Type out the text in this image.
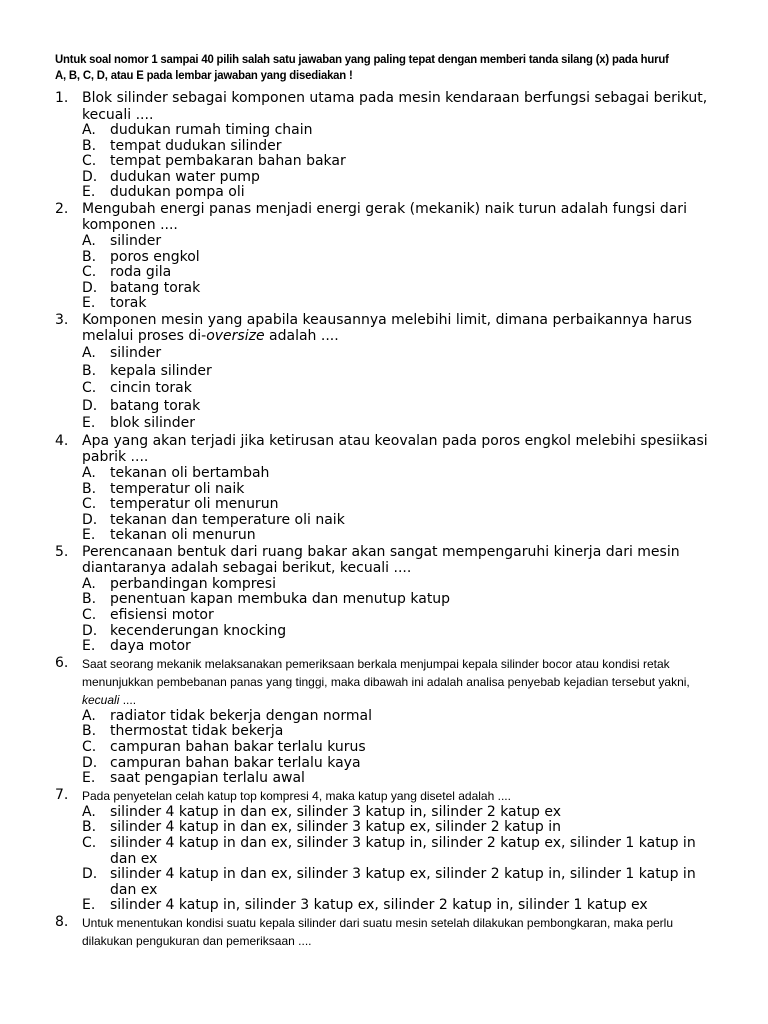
Untuk soal nomor 1 sampai 40 pilih salah satu jawaban yang paling tepat dengan memberi tanda silang (x) pada huruf
A, B, C, D, atau E pada lembar jawaban yang disediakan !
1. Blok silinder sebagai komponen utama pada mesin kendaraan berfungsi sebagai berikut, kecuali ....
A. dudukan rumah timing chain
B. tempat dudukan silinder
C. tempat pembakaran bahan bakar
D. dudukan water pump
E. dudukan pompa oli
2. Mengubah energi panas menjadi energi gerak (mekanik) naik turun adalah fungsi dari komponen ....
A. silinder
B. poros engkol
C. roda gila
D. batang torak
E. torak
3. Komponen mesin yang apabila keausannya melebihi limit, dimana perbaikannya harus melalui proses di-oversize adalah ....
A. silinder
B. kepala silinder
C. cincin torak
D. batang torak
E. blok silinder
4. Apa yang akan terjadi jika ketirusan atau keovalan pada poros engkol melebihi spesiikasi pabrik ....
A. tekanan oli bertambah
B. temperatur oli naik
C. temperatur oli menurun
D. tekanan dan temperature oli naik
E. tekanan oli menurun
5. Perencanaan bentuk dari ruang bakar akan sangat mempengaruhi kinerja dari mesin diantaranya adalah sebagai berikut, kecuali ....
A. perbandingan kompresi
B. penentuan kapan membuka dan menutup katup
C. efisiensi motor
D. kecenderungan knocking
E. daya motor
6. Saat seorang mekanik melaksanakan pemeriksaan berkala menjumpai kepala silinder bocor atau kondisi retak menunjukkan pembebanan panas yang tinggi, maka dibawah ini adalah analisa penyebab kejadian tersebut yakni, kecuali ....
A. radiator tidak bekerja dengan normal
B. thermostat tidak bekerja
C. campuran bahan bakar terlalu kurus
D. campuran bahan bakar terlalu kaya
E. saat pengapian terlalu awal
7. Pada penyetelan celah katup top kompresi 4, maka katup yang disetel adalah ....
A. silinder 4 katup in dan ex, silinder 3 katup in, silinder 2 katup ex
B. silinder 4 katup in dan ex, silinder 3 katup ex, silinder 2 katup in
C. silinder 4 katup in dan ex, silinder 3 katup in, silinder 2 katup ex, silinder 1 katup in dan ex
D. silinder 4 katup in dan ex, silinder 3 katup ex, silinder 2 katup in, silinder 1 katup in dan ex
E. silinder 4 katup in, silinder 3 katup ex, silinder 2 katup in, silinder 1 katup ex
8. Untuk menentukan kondisi suatu kepala silinder dari suatu mesin setelah dilakukan pembongkaran, maka perlu dilakukan pengukuran dan pemeriksaan ....
